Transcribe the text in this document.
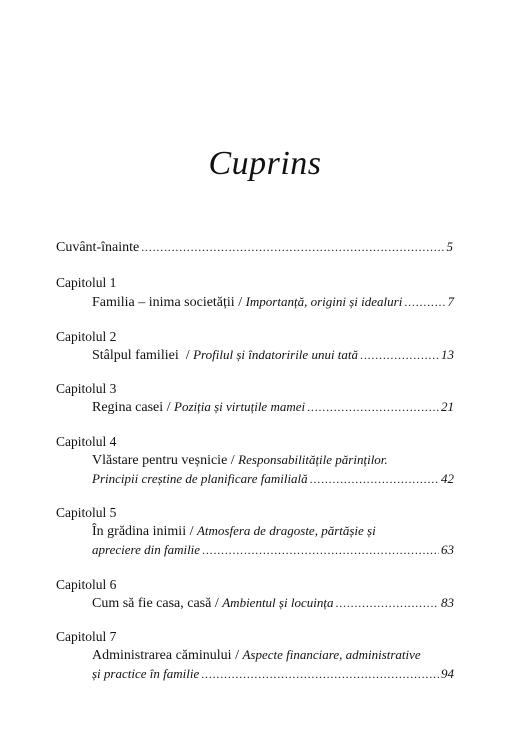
Cuprins
Cuvânt-înainte .....	5
Capitolul 1
Familia – inima societății / Importanță, origini și idealuri .....	7
Capitolul 2
Stâlpul familiei  / Profilul și îndatoririle unui tată .....	13
Capitolul 3
Regina casei / Poziția și virtuțile mamei .....	21
Capitolul 4
Vlăstare pentru veșnicie / Responsabilitățile părinților.
Principii creștine de planificare familială .....	42
Capitolul 5
În grădina inimii / Atmosfera de dragoste, părtășie și
apreciere din familie .....	63
Capitolul 6
Cum să fie casa, casă / Ambientul și locuința .....	83
Capitolul 7
Administrarea căminului / Aspecte financiare, administrative
și practice în familie .....	94
